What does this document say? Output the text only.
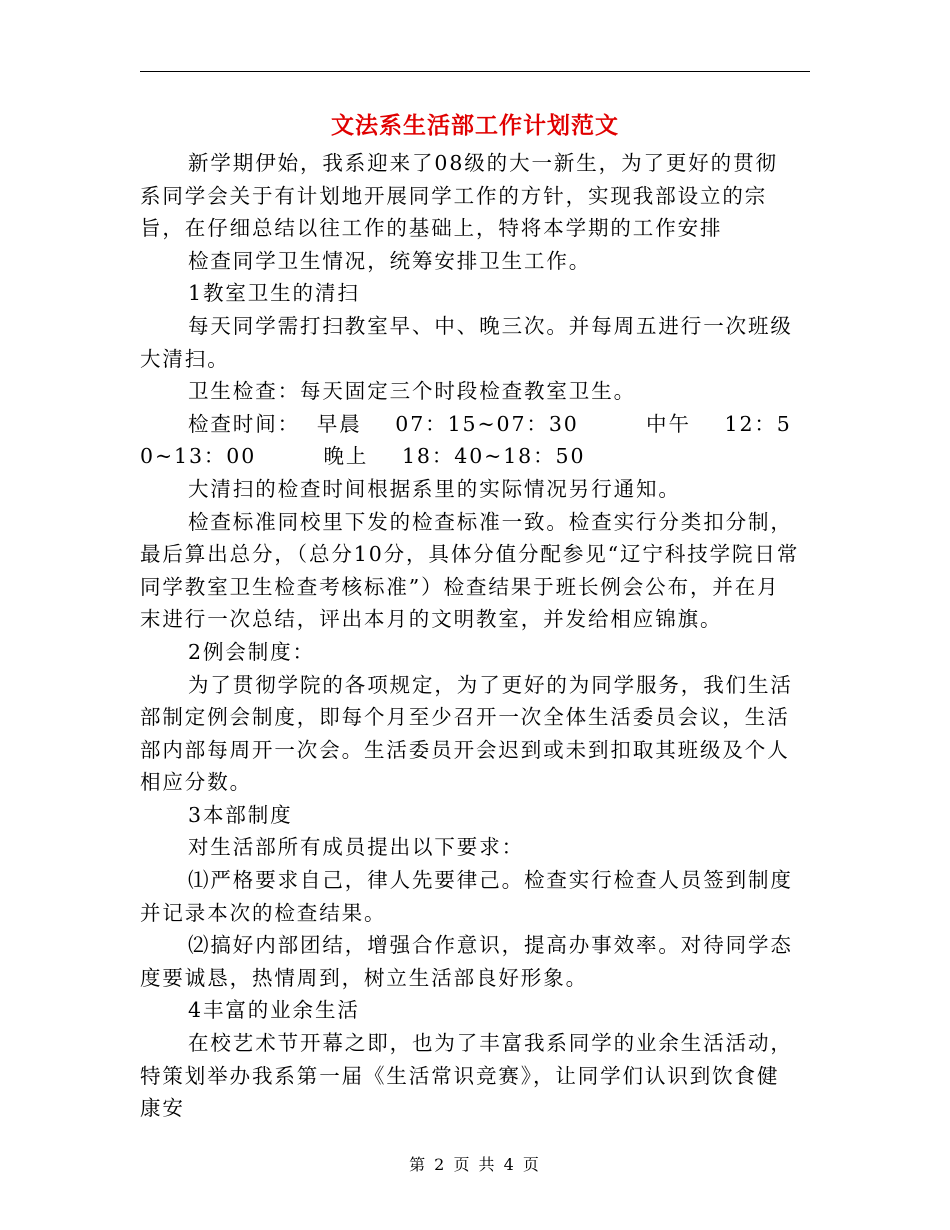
文法系生活部工作计划范文

新学期伊始，我系迎来了08级的大一新生，为了更好的贯彻系同学会关于有计划地开展同学工作的方针，实现我部设立的宗旨，在仔细总结以往工作的基础上，特将本学期的工作安排

检查同学卫生情况，统筹安排卫生工作。

1教室卫生的清扫

每天同学需打扫教室早、中、晚三次。并每周五进行一次班级大清扫。

卫生检查：每天固定三个时段检查教室卫生。

检查时间：  早晨    07：15~07：30        中午    12：50~13：00        晚上    18：40~18：50

大清扫的检查时间根据系里的实际情况另行通知。

检查标准同校里下发的检查标准一致。检查实行分类扣分制，最后算出总分，（总分10分，具体分值分配参见“辽宁科技学院日常同学教室卫生检查考核标准”）检查结果于班长例会公布，并在月末进行一次总结，评出本月的文明教室，并发给相应锦旗。

2例会制度：

为了贯彻学院的各项规定，为了更好的为同学服务，我们生活部制定例会制度，即每个月至少召开一次全体生活委员会议，生活部内部每周开一次会。生活委员开会迟到或未到扣取其班级及个人相应分数。

3本部制度

对生活部所有成员提出以下要求：

⑴严格要求自己，律人先要律己。检查实行检查人员签到制度并记录本次的检查结果。

⑵搞好内部团结，增强合作意识，提高办事效率。对待同学态度要诚恳，热情周到，树立生活部良好形象。

4丰富的业余生活

在校艺术节开幕之即，也为了丰富我系同学的业余生活活动，特策划举办我系第一届《生活常识竞赛》，让同学们认识到饮食健康安

第 2 页 共 4 页
